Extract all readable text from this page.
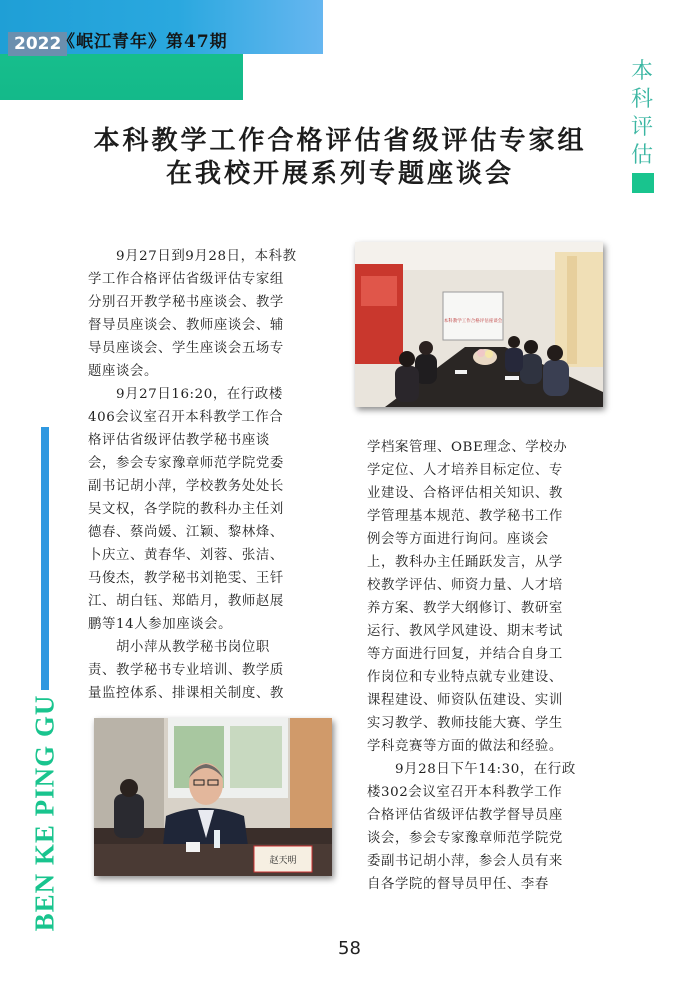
2022
《岷江青年》第47期
本
科
评
估
BEN KE PING GU
本科教学工作合格评估省级评估专家组
在我校开展系列专题座谈会

　　9月27日到9月28日，本科教

学工作合格评估省级评估专家组

分别召开教学秘书座谈会、教学

督导员座谈会、教师座谈会、辅

导员座谈会、学生座谈会五场专

题座谈会。

　　9月27日16:20，在行政楼

406会议室召开本科教学工作合

格评估省级评估教学秘书座谈

会，参会专家豫章师范学院党委

副书记胡小萍，学校教务处处长

吴文权，各学院的教科办主任刘

德春、蔡尚媛、江颖、黎林烽、

卜庆立、黄春华、刘蓉、张洁、

马俊杰，教学秘书刘艳雯、王钎

江、胡白钰、郑皓月，教师赵展

鹏等14人参加座谈会。

　　胡小萍从教学秘书岗位职

责、教学秘书专业培训、教学质

量监控体系、排课相关制度、教

学档案管理、OBE理念、学校办

学定位、人才培养目标定位、专

业建设、合格评估相关知识、教

学管理基本规范、教学秘书工作

例会等方面进行询问。座谈会

上，教科办主任踊跃发言，从学

校教学评估、师资力量、人才培

养方案、教学大纲修订、教研室

运行、教风学风建设、期末考试

等方面进行回复，并结合自身工

作岗位和专业特点就专业建设、

课程建设、师资队伍建设、实训

实习教学、教师技能大赛、学生

学科竞赛等方面的做法和经验。

　　9月28日下午14:30，在行政

楼302会议室召开本科教学工作

合格评估省级评估教学督导员座

谈会，参会专家豫章师范学院党

委副书记胡小萍，参会人员有来

自各学院的督导员甲任、李春

本科教学工作合格评估座谈会
赵天明
58
